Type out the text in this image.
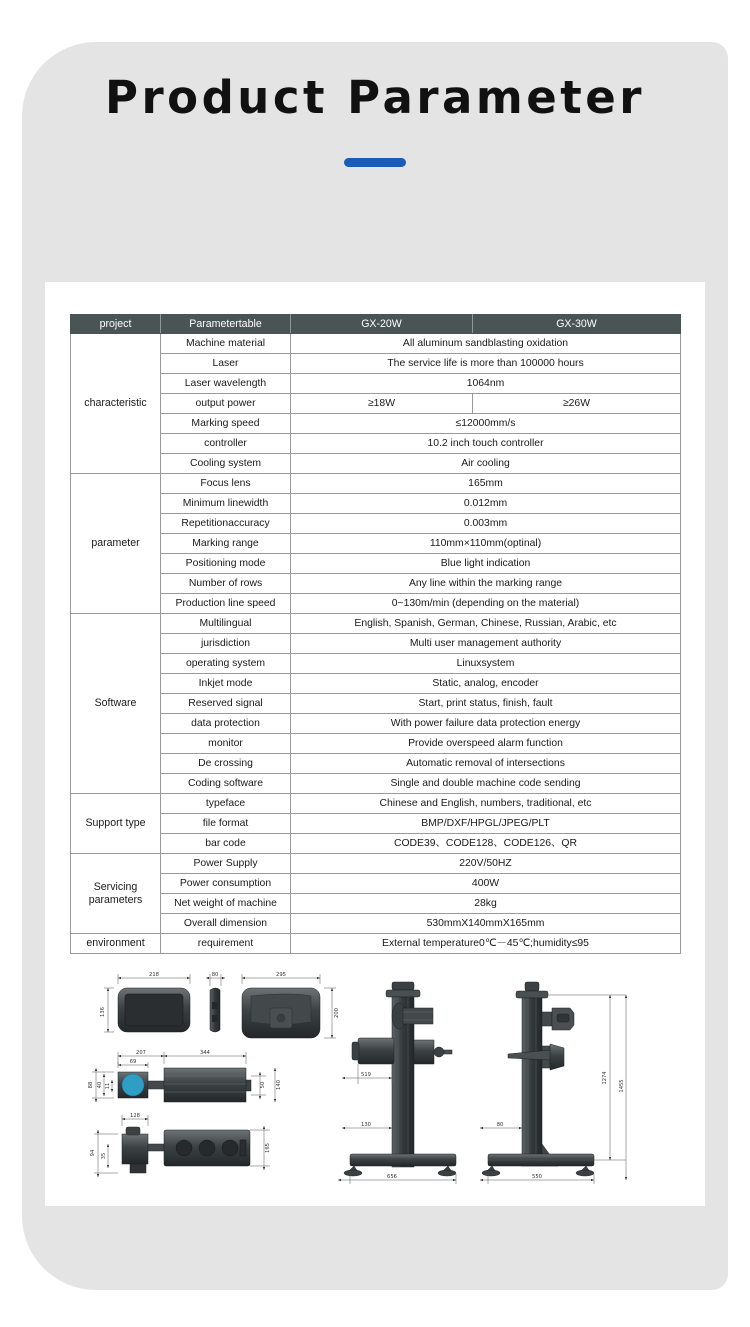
Product Parameter
project	Parametertable	GX-20W	GX-30W
characteristic	Machine material	All aluminum sandblasting oxidation	
	Laser	The service life is more than 100000 hours	
	Laser wavelength	1064nm	
	output power	≥18W	≥26W
	Marking speed	≤12000mm/s	
	controller	10.2 inch touch controller	
	Cooling system	Air cooling	
parameter	Focus lens	165mm	
	Minimum linewidth	0.012mm	
	Repetitionaccuracy	0.003mm	
	Marking range	110mm×110mm(optinal)	
	Positioning mode	Blue light indication	
	Number of rows	Any line within the marking range	
	Production line speed	0~130m/min (depending on the material)	
Software	Multilingual	English, Spanish, German, Chinese, Russian, Arabic, etc	
	jurisdiction	Multi user management authority	
	operating system	Linuxsystem	
	Inkjet mode	Static, analog, encoder	
	Reserved signal	Start, print status, finish, fault	
	data protection	With power failure data protection energy	
	monitor	Provide overspeed alarm function	
	De crossing	Automatic removal of intersections	
	Coding software	Single and double machine code sending	
Support type	typeface	Chinese and English, numbers, traditional, etc	
	file format	BMP/DXF/HPGL/JPEG/PLT	
	bar code	CODE39、CODE128、CODE126、QR	
Servicing parameters	Power Supply	220V/50HZ	
	Power consumption	400W	
	Net weight of machine	28kg	
	Overall dimension	530mmX140mmX165mm	
environment	requirement	External temperature0℃－45℃;humidity≤95	
218
136
80	295
200
207	344
69
88 40 11	50 140
128
94 35
165
519
130
656
1274
1455
80
550
